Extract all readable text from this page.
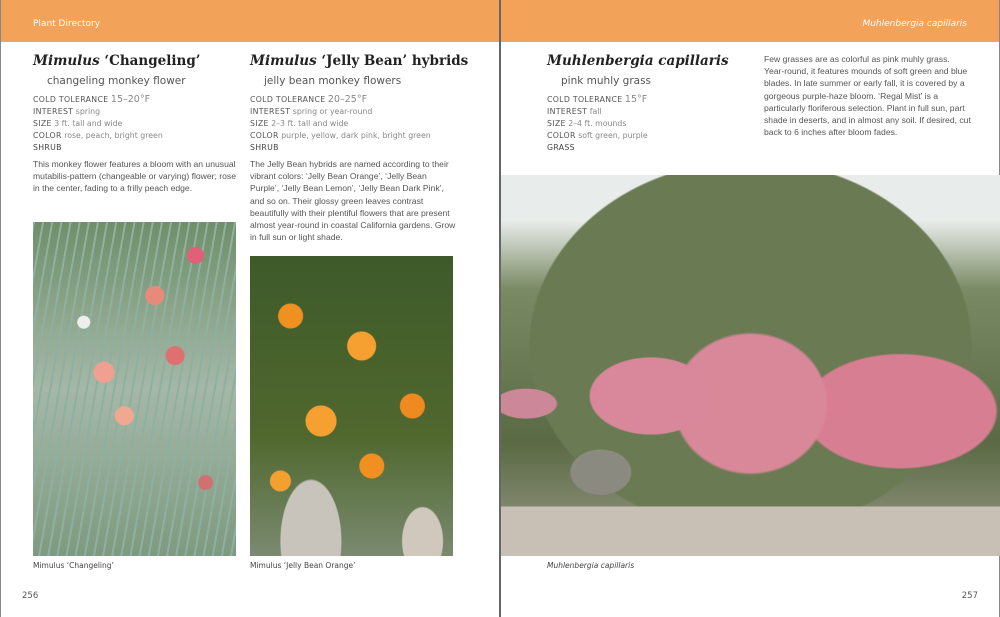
Plant Directory	Muhlenbergia capillaris
Mimulus ‘Changeling’
changeling monkey flower
COLD TOLERANCE 15–20°F
INTEREST spring
SIZE 3 ft. tall and wide
COLOR rose, peach, bright green
SHRUB

This monkey flower features a bloom with an unusual mutabilis-pattern (changeable or varying) flower; rose in the center, fading to a frilly peach edge.

Mimulus ‘Jelly Bean’ hybrids
jelly bean monkey flowers
COLD TOLERANCE 20–25°F
INTEREST spring or year-round
SIZE 2–3 ft. tall and wide
COLOR purple, yellow, dark pink, bright green
SHRUB

The Jelly Bean hybrids are named according to their vibrant colors: ‘Jelly Bean Orange’, ‘Jelly Bean Purple’, ‘Jelly Bean Lemon’, ‘Jelly Bean Dark Pink’, and so on. Their glossy green leaves contrast beautifully with their plentiful flowers that are present almost year-round in coastal California gardens. Grow in full sun or light shade.

Muhlenbergia capillaris
pink muhly grass
COLD TOLERANCE 15°F
INTEREST fall
SIZE 2–4 ft. mounds
COLOR soft green, purple
GRASS

Few grasses are as colorful as pink muhly grass. Year-round, it features mounds of soft green and blue blades. In late summer or early fall, it is covered by a gorgeous purple-haze bloom. ‘Regal Mist’ is a particularly floriferous selection. Plant in full sun, part shade in deserts, and in almost any soil. If desired, cut back to 6 inches after bloom fades.

Mimulus ‘Changeling’	Mimulus ‘Jelly Bean Orange’	Muhlenbergia capillaris
256	257
